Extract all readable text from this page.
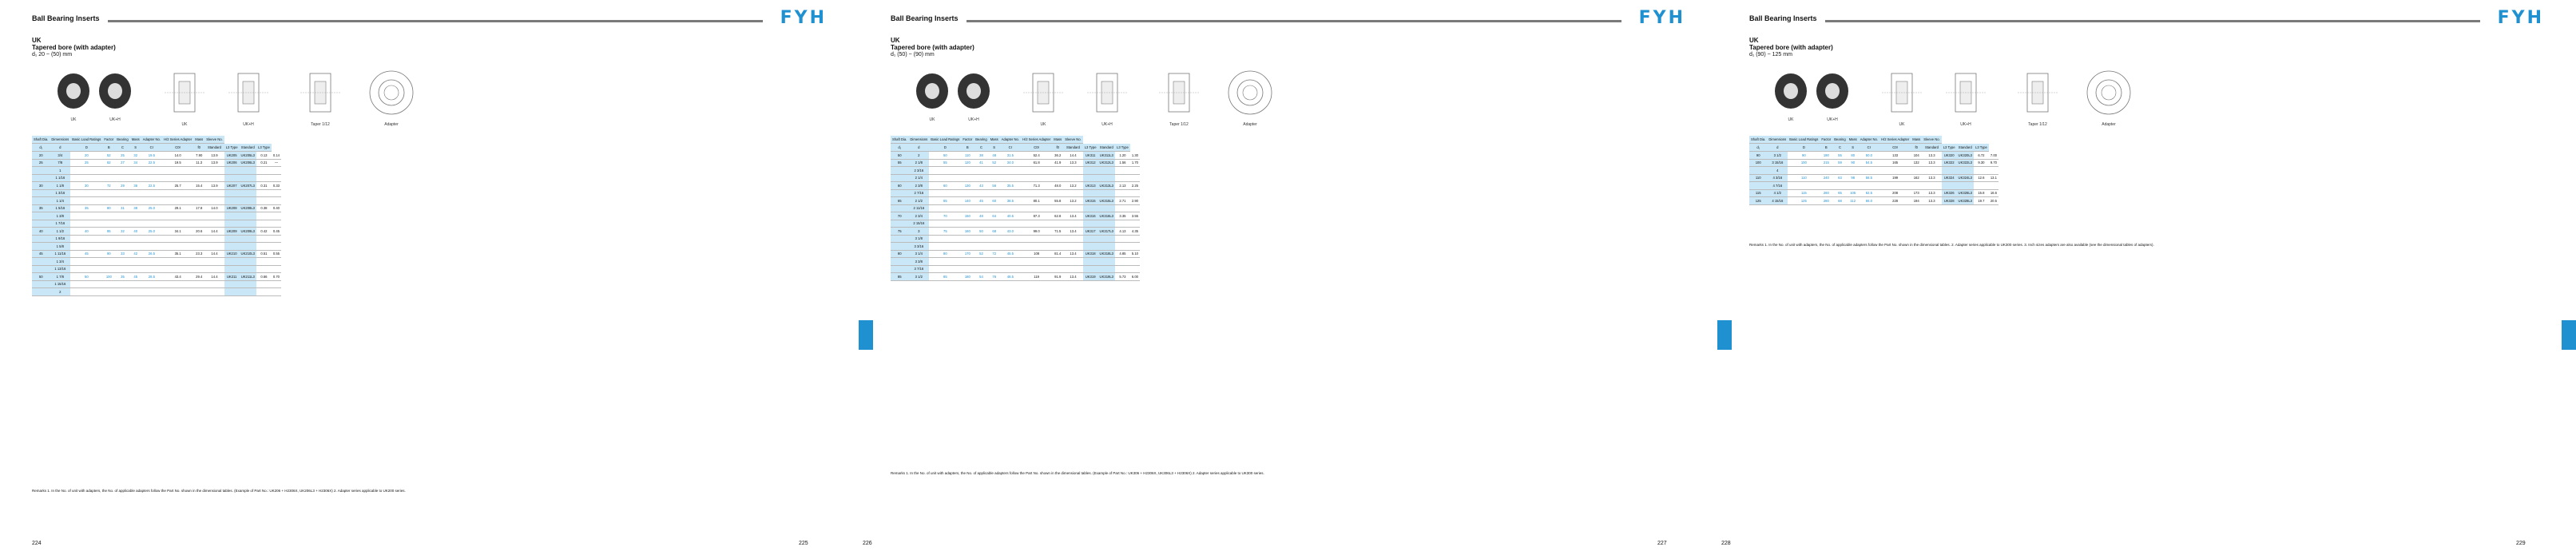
Ball Bearing Inserts	FYH
UK
Tapered bore (with adapter)
d₁ 20 ~ (50) mm
UK	UK+H
UK	UK+H	Taper 1/12	Adapter
Shaft Dia.	Dimensions	Basic Load Ratings	Factor	Bearing	Mass	Adapter No.	H/2 Series Adapter	Mass	Sleeve No.				
d₁	d	D	B	C	S	Cr	C0r	f0	Standard	L3 Type	Standard	L3 Type	
20	3/4	20	52	25	32	19.5	14.0	7.90	13.9	UK205	UK205L3	0.13	0.14
25	7/8	25	62	27	34	22.5	19.5	11.3	13.9	UK206	UK206L3	0.21	—
	1												
	1 1/16												
30	1 1/8	30	72	29	36	22.5	25.7	15.4	13.9	UK207	UK207L3	0.31	0.33
	1 3/16												
	1 1/4												
35	1 5/16	35	80	31	38	25.0	29.1	17.8	14.0	UK208	UK208L3	0.38	0.40
	1 3/8												
	1 7/16												
40	1 1/2	40	85	32	40	25.0	34.1	20.6	14.4	UK209	UK209L3	0.42	0.45
	1 9/16												
	1 5/8												
45	1 11/16	45	90	33	42	26.5	35.1	23.3	14.4	UK210	UK210L3	0.51	0.55
	1 3/4												
	1 13/16												
50	1 7/8	50	100	35	45	28.5	43.4	29.4	14.4	UK211	UK211L3	0.66	0.70
	1 15/16												
	2												
Remarks 1. In the No. of unit with adapters, the No. of applicable adapters follow the Part No. shown in the dimensional tables. (Example of Part No.: UK206 + H2306X, UK206L3 + H2306X) 2. Adapter series applicable to UK200 series.
224	225
Ball Bearing Inserts	FYH
UK
Tapered bore (with adapter)
d₁ (50) ~ (90) mm
UK	UK+H
UK	UK+H	Taper 1/12	Adapter
Shaft Dia.	Dimensions	Basic Load Ratings	Factor	Bearing	Mass	Adapter No.	H/2 Series Adapter	Mass	Sleeve No.				
d₁	d	D	B	C	S	Cr	C0r	f0	Standard	L3 Type	Standard	L3 Type	
50	2	50	110	38	48	31.5	52.4	36.2	14.4	UK311	UK311L3	1.20	1.30
55	2 1/8	55	120	41	52	34.0	61.8	41.9	13.3	UK312	UK312L3	1.56	1.70
	2 3/16												
	2 1/4												
60	2 3/8	60	130	43	56	35.5	71.3	48.0	13.2	UK313	UK313L3	2.13	2.25
	2 7/16												
65	2 1/2	65	140	45	60	38.5	80.1	55.8	13.2	UK315	UK315L3	2.71	2.90
	2 11/16												
70	2 3/4	70	150	48	64	40.5	87.3	62.8	13.4	UK316	UK316L3	3.35	3.55
	2 15/16												
75	3	75	160	50	68	43.0	99.0	71.5	13.4	UK317	UK317L3	4.13	4.35
	3 1/8												
	3 3/16												
80	3 1/4	80	170	52	72	45.5	108	81.4	13.4	UK318	UK318L3	4.85	5.10
	3 3/8												
	3 7/16												
85	3 1/2	85	180	54	76	48.5	119	91.9	13.4	UK319	UK319L3	5.73	6.00
Remarks 1. In the No. of unit with adapters, the No. of applicable adapters follow the Part No. shown in the dimensional tables. (Example of Part No.: UK306 + H2306X, UK306L3 + H2306X) 2. Adapter series applicable to UK300 series.
226	227
Ball Bearing Inserts	FYH
UK
Tapered bore (with adapter)
d₁ (90) ~ 125 mm
UK	UK+H
UK	UK+H	Taper 1/12	Adapter
Shaft Dia.	Dimensions	Basic Load Ratings	Factor	Bearing	Mass	Adapter No.	H/2 Series Adapter	Mass	Sleeve No.				
d₁	d	D	B	C	S	Cr	C0r	f0	Standard	L3 Type	Standard	L3 Type	
90	3 1/2	90	190	55	80	50.0	133	104	13.3	UK320	UK320L3	6.72	7.00
100	3 15/16	100	215	59	90	54.5	165	132	13.3	UK322	UK322L3	9.30	9.70
	4												
110	4 3/16	110	240	63	98	58.5	199	162	13.3	UK324	UK324L3	12.6	13.1
	4 7/16												
115	4 1/2	115	260	65	105	62.5	208	173	13.3	UK326	UK326L3	15.8	16.6
125	4 15/16	125	280	68	112	66.0	228	194	13.3	UK328	UK328L3	19.7	20.5
Remarks 1. In the No. of unit with adapters, the No. of applicable adapters follow the Part No. shown in the dimensional tables. 2. Adapter series applicable to UK300 series. 3. Inch sizes adapters are also available (see the dimensional tables of adapters).
228	229
